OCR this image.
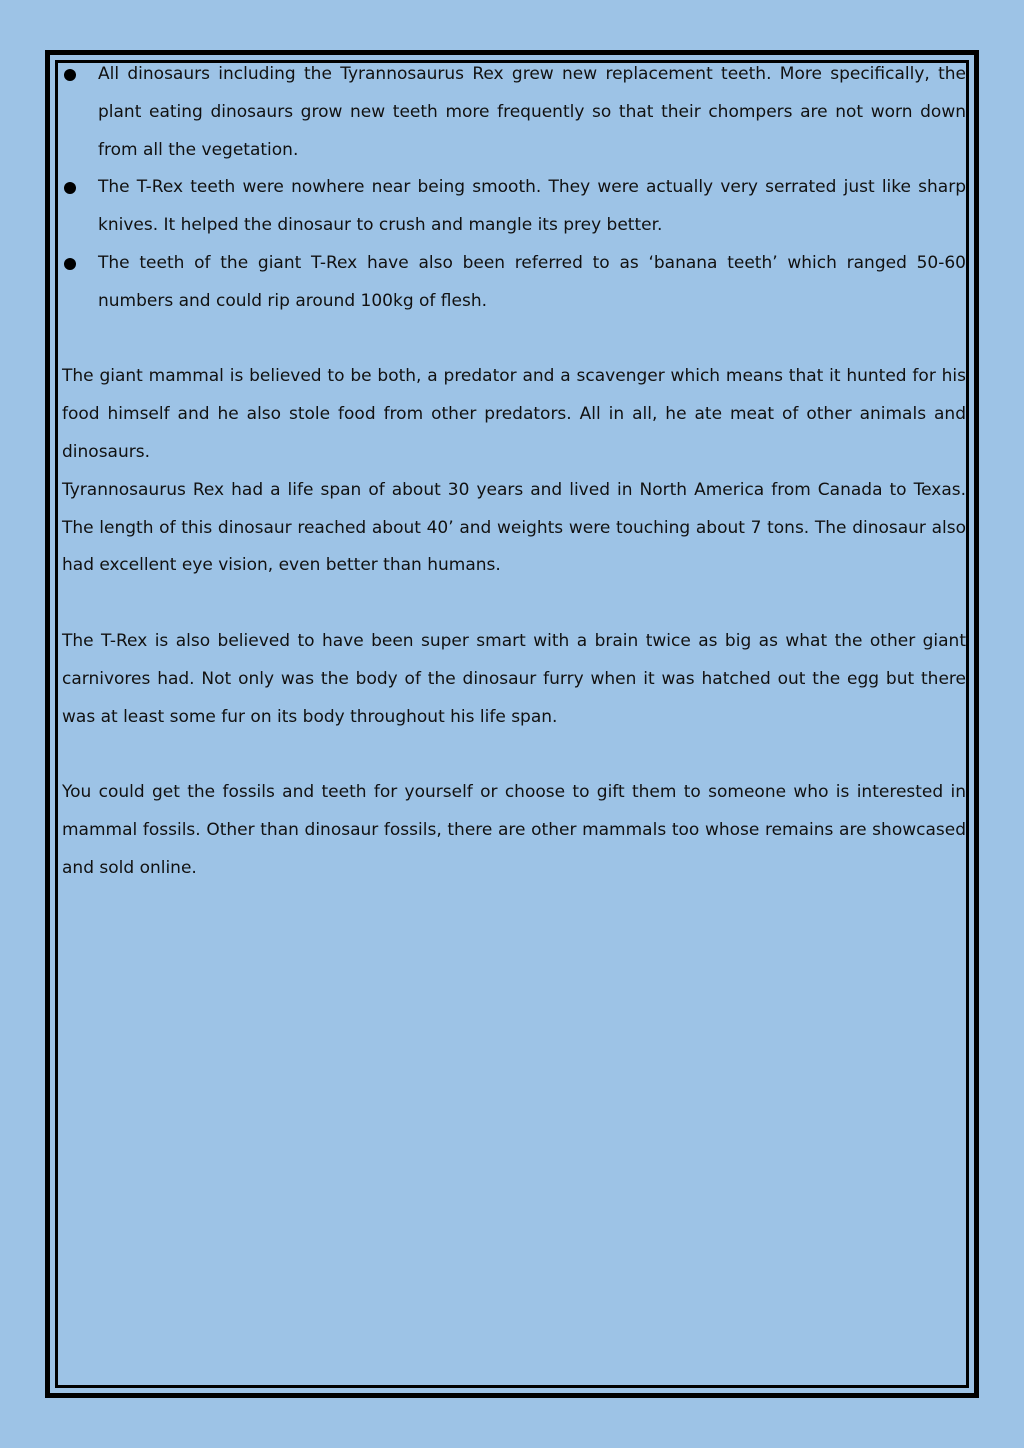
All dinosaurs including the Tyrannosaurus Rex grew new replacement teeth. More specifically, the plant eating dinosaurs grow new teeth more frequently so that their chompers are not worn down from all the vegetation.
The T-Rex teeth were nowhere near being smooth. They were actually very serrated just like sharp knives. It helped the dinosaur to crush and mangle its prey better.
The teeth of the giant T-Rex have also been referred to as ‘banana teeth’ which ranged 50-60 numbers and could rip around 100kg of flesh.

The giant mammal is believed to be both, a predator and a scavenger which means that it hunted for his food himself and he also stole food from other predators. All in all, he ate meat of other animals and dinosaurs.

Tyrannosaurus Rex had a life span of about 30 years and lived in North America from Canada to Texas. The length of this dinosaur reached about 40’ and weights were touching about 7 tons. The dinosaur also had excellent eye vision, even better than humans.

The T-Rex is also believed to have been super smart with a brain twice as big as what the other giant carnivores had. Not only was the body of the dinosaur furry when it was hatched out the egg but there was at least some fur on its body throughout his life span.

You could get the fossils and teeth for yourself or choose to gift them to someone who is interested in mammal fossils. Other than dinosaur fossils, there are other mammals too whose remains are showcased and sold online.
